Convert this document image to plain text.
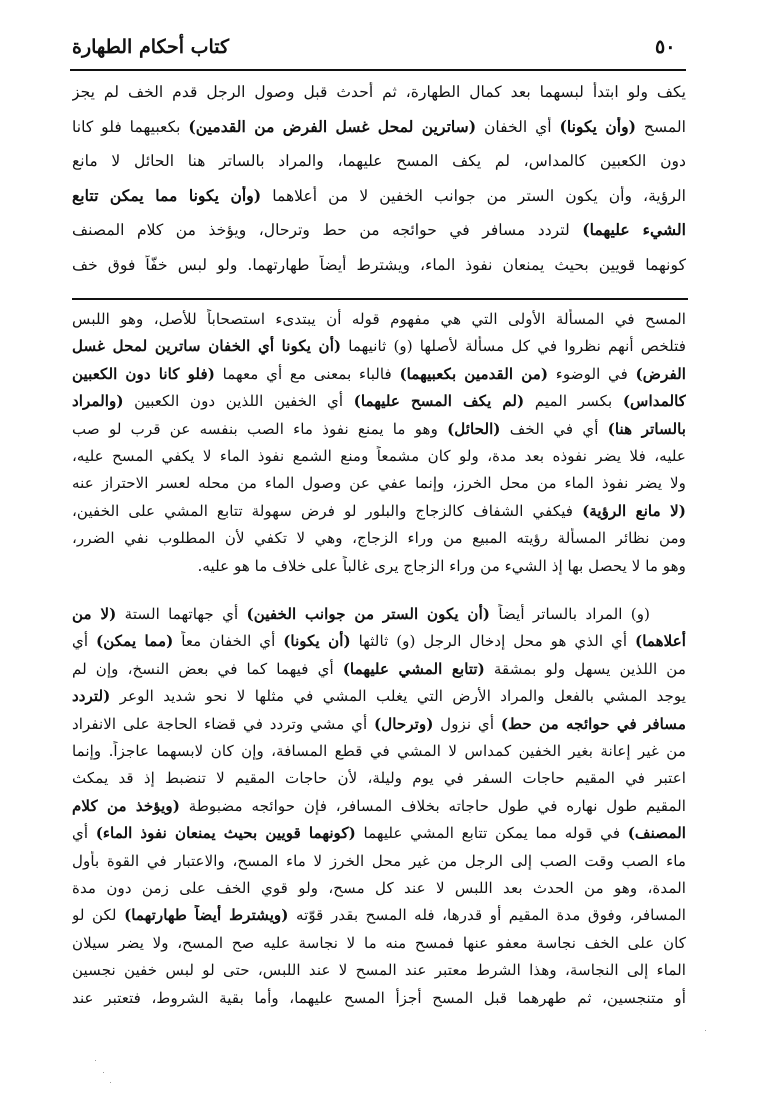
كتاب أحكام الطهارة	٥٠
يكف ولو ابتدأ لبسهما بعد كمال الطهارة، ثم أحدث قبل وصول الرجل قدم الخف لم يجز
المسح (وأن يكونا) أي الخفان (ساترين لمحل غسل الفرض من القدمين) بكعبيهما فلو كانا
دون الكعبين كالمداس، لم يكف المسح عليهما، والمراد بالساتر هنا الحائل لا مانع
الرؤية، وأن يكون الستر من جوانب الخفين لا من أعلاهما (وأن يكونا مما يمكن تتابع
الشيء عليهما) لتردد مسافر في حوائجه من حط وترحال، ويؤخذ من كلام المصنف
كونهما قويين بحيث يمنعان نفوذ الماء، ويشترط أيضاً طهارتهما. ولو لبس خفّاً فوق خف
المسح في المسألة الأولى التي هي مفهوم قوله أن يبتدىء استصحاباً للأصل، وهو اللبس
فتلخص أنهم نظروا في كل مسألة لأصلها (و) ثانيهما (أن يكونا أي الخفان ساترين لمحل غسل
الفرض) في الوضوء (من القدمين بكعبيهما) فالباء بمعنى مع أي معهما (فلو كانا دون الكعبين
كالمداس) بكسر الميم (لم يكف المسح عليهما) أي الخفين اللذين دون الكعبين (والمراد
بالساتر هنا) أي في الخف (الحائل) وهو ما يمنع نفوذ ماء الصب بنفسه عن قرب لو صب
عليه، فلا يضر نفوذه بعد مدة، ولو كان مشمعاً ومنع الشمع نفوذ الماء لا يكفي المسح عليه،
ولا يضر نفوذ الماء من محل الخرز، وإنما عفي عن وصول الماء من محله لعسر الاحتراز عنه
(لا مانع الرؤية) فيكفي الشفاف كالزجاج والبلور لو فرض سهولة تتابع المشي على الخفين،
ومن نظائر المسألة رؤيته المبيع من وراء الزجاج، وهي لا تكفي لأن المطلوب نفي الضرر،
وهو ما لا يحصل بها إذ الشيء من وراء الزجاج يرى غالباً على خلاف ما هو عليه.
(و) المراد بالساتر أيضاً (أن يكون الستر من جوانب الخفين) أي جهاتهما الستة (لا من
أعلاهما) أي الذي هو محل إدخال الرجل (و) ثالثها (أن يكونا) أي الخفان معاً (مما يمكن) أي
من اللذين يسهل ولو بمشقة (تتابع المشي عليهما) أي فيهما كما في بعض النسخ، وإن لم
يوجد المشي بالفعل والمراد الأرض التي يغلب المشي في مثلها لا نحو شديد الوعر (لتردد
مسافر في حوائجه من حط) أي نزول (وترحال) أي مشي وتردد في قضاء الحاجة على الانفراد
من غير إعانة بغير الخفين كمداس لا المشي في قطع المسافة، وإن كان لابسهما عاجزاً. وإنما
اعتبر في المقيم حاجات السفر في يوم وليلة، لأن حاجات المقيم لا تنضبط إذ قد يمكث
المقيم طول نهاره في طول حاجاته بخلاف المسافر، فإن حوائجه مضبوطة (ويؤخذ من كلام
المصنف) في قوله مما يمكن تتابع المشي عليهما (كونهما قويين بحيث يمنعان نفوذ الماء) أي
ماء الصب وقت الصب إلى الرجل من غير محل الخرز لا ماء المسح، والاعتبار في القوة بأول
المدة، وهو من الحدث بعد اللبس لا عند كل مسح، ولو قوي الخف على زمن دون مدة
المسافر، وفوق مدة المقيم أو قدرها، فله المسح بقدر قوّته (ويشترط أيضاً طهارتهما) لكن لو
كان على الخف نجاسة معفو عنها فمسح منه ما لا نجاسة عليه صح المسح، ولا يضر سيلان
الماء إلى النجاسة، وهذا الشرط معتبر عند المسح لا عند اللبس، حتى لو لبس خفين نجسين
أو متنجسين، ثم طهرهما قبل المسح أجزأ المسح عليهما، وأما بقية الشروط، فتعتبر عند
